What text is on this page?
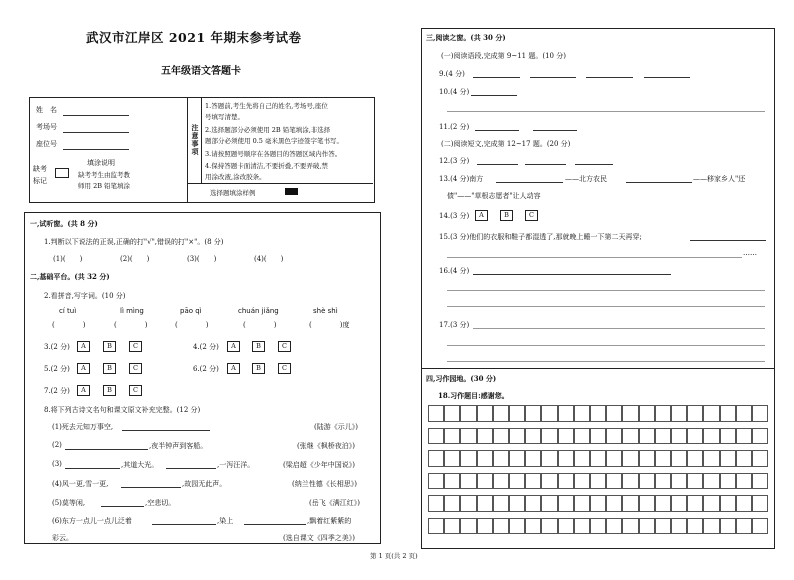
武汉市江岸区 2021 年期末参考试卷
五年级语文答题卡
姓　名
考场号
座位号
缺考
标记
填涂说明
缺考考生由监考教
师用 2B 铅笔填涂
注意事项
1.答题前,考生先将自己的姓名,考场号,座位
号填写清楚。
2.选择题部分必须使用 2B 铅笔填涂,非选择
题部分必须使用 0.5 毫米黑色字迹签字笔书写。
3.请按照题号顺序在各题目的答题区域内作答。
4.保持答题卡面清洁,不要折叠,不要弄破,禁
用涂改液,涂改胶条。
选择题填涂样例
一,试听窗。(共 8 分)
1.判断以下说法的正误,正确的打"√",错误的打"×"。(8 分)
(1)(　　)	(2)(　　)	(3)(　　)	(4)(　　)
二,基础平台。(共 32 分)
2.看拼音,写字词。(10 分)
cí tuì	lì mìng	pāo qì	chuán jiǎng	shè shì
(　　　　)	(　　　　)	(　　　　)	(　　　　)	(　　　　)度
3.(2 分)	A	B	C	4.(2 分)	A	B	C
5.(2 分)	A	B	C	6.(2 分)	A	B	C
7.(2 分)	A	B	C
8.将下列古诗文名句和课文原文补充完整。(12 分)
(1)死去元知万事空,	(陆游《示儿》)
(2)	,夜半钟声到客船。	(张继《枫桥夜泊》)
(3)	,其道大光。	,一泻汪洋。	(梁启超《少年中国说》)
(4)风一更,雪一更,	,故园无此声。	(纳兰性德《长相思》)
(5)莫等闲,	,空悲切。	(岳飞《满江红》)
(6)东方一点儿一点儿泛着	,染上	,飘着红紫紫的
彩云。	(选自课文《四季之美》)
三,阅读之窗。(共 30 分)
(一)阅读语段,完成第 9~11 题。(10 分)
9.(4 分)
10.(4 分)
11.(2 分)
(二)阅读短文,完成第 12~17 题。(20 分)
12.(3 分)
13.(4 分)南方	——北方农民	——移家乡人"还
债"——"草根志愿者"让人动容
14.(3 分)	A	B	C
15.(3 分)他们的衣服和鞋子都湿透了,那就晚上睡一下第二天再穿;
……
16.(4 分)
17.(3 分)
四,习作园地。(30 分)
18.习作题目:感谢您。
第 1 页(共 2 页)
